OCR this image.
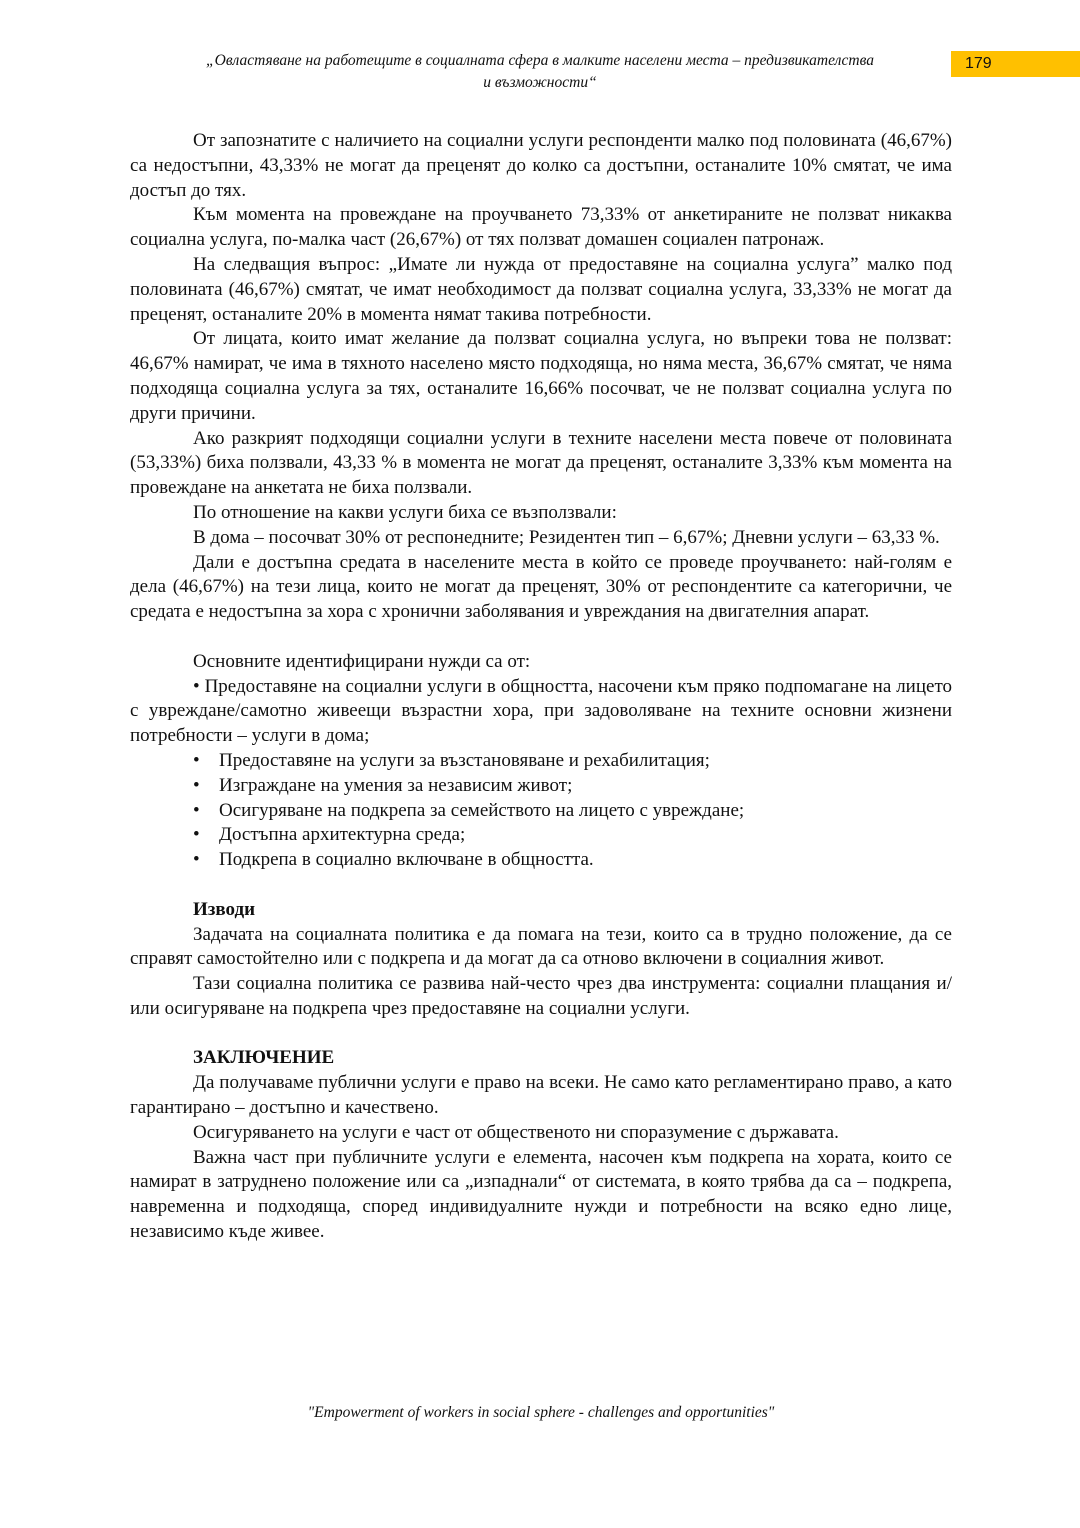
„Овластяване на работещите в социалната сфера в малките населени места – предизвикателства
и възможности“
179

От запознатите с наличието на социални услуги респонденти малко под половината (46,67%) са недостъпни, 43,33% не могат да преценят до колко са достъпни, останалите 10% смятат, че има достъп до тях.

Към момента на провеждане на проучването 73,33% от анкетираните не ползват никаква социална услуга, по-малка част (26,67%) от тях ползват домашен социален патронаж.

На следващия въпрос: „Имате ли нужда от предоставяне на социална услуга” малко под половината (46,67%) смятат, че имат необходимост да ползват социална услуга, 33,33% не могат да преценят, останалите 20% в момента нямат такива потребности.

От лицата, които имат желание да ползват социална услуга, но въпреки това не ползват: 46,67% намират, че има в тяхното населено място подходяща, но няма места, 36,67% смятат, че няма подходяща социална услуга за тях, останалите 16,66% посочват, че не ползват социална услуга по други причини.

Ако разкрият подходящи социални услуги в техните населени места повече от половината (53,33%) биха ползвали, 43,33 % в момента не могат да преценят, останалите 3,33% към момента на провеждане на анкетата не биха ползвали.

По отношение на какви услуги биха се възползвали:

В дома – посочват 30% от респонедните; Резидентен тип – 6,67%; Дневни услуги – 63,33 %.

Дали е достъпна средата в населените места в който се проведе проучването: най-голям е дела (46,67%) на тези лица, които не могат да преценят, 30% от респондентите са категорични, че средата е недостъпна за хора с хронични заболявания и увреждания на двигателния апарат.

Основните идентифицирани нужди са от:

• Предоставяне на социални услуги в общността, насочени към пряко подпомагане на лицето с увреждане/самотно живеещи възрастни хора, при задоволяване на техните основни жизнени потребности – услуги в дома;

• Предоставяне на услуги за възстановяване и рехабилитация;
• Изграждане на умения за независим живот;
• Осигуряване на подкрепа за семейството на лицето с увреждане;
• Достъпна архитектурна среда;
• Подкрепа в социално включване в общността.

Изводи

Задачата на социалната политика е да помага на тези, които са в трудно положение, да се справят самостойтелно или с подкрепа и да могат да са отново включени в социалния живот.

Тази социална политика се развива най-често чрез два инструмента: социални плащания и/или осигуряване на подкрепа чрез предоставяне на социални услуги.

ЗАКЛЮЧЕНИЕ

Да получаваме публични услуги е право на всеки. Не само като регламентирано право, а като гарантирано – достъпно и качествено.

Осигуряването на услуги е част от общественото ни споразумение с държавата.

Важна част при публичните услуги е елемента, насочен към подкрепа на хората, които се намират в затруднено положение или са „изпаднали“ от системата, в която трябва да са – подкрепа, навременна и подходяща, според индивидуалните нужди и потребности на всяко едно лице, независимо къде живее.

"Empowerment of workers in social sphere - challenges and opportunities"
